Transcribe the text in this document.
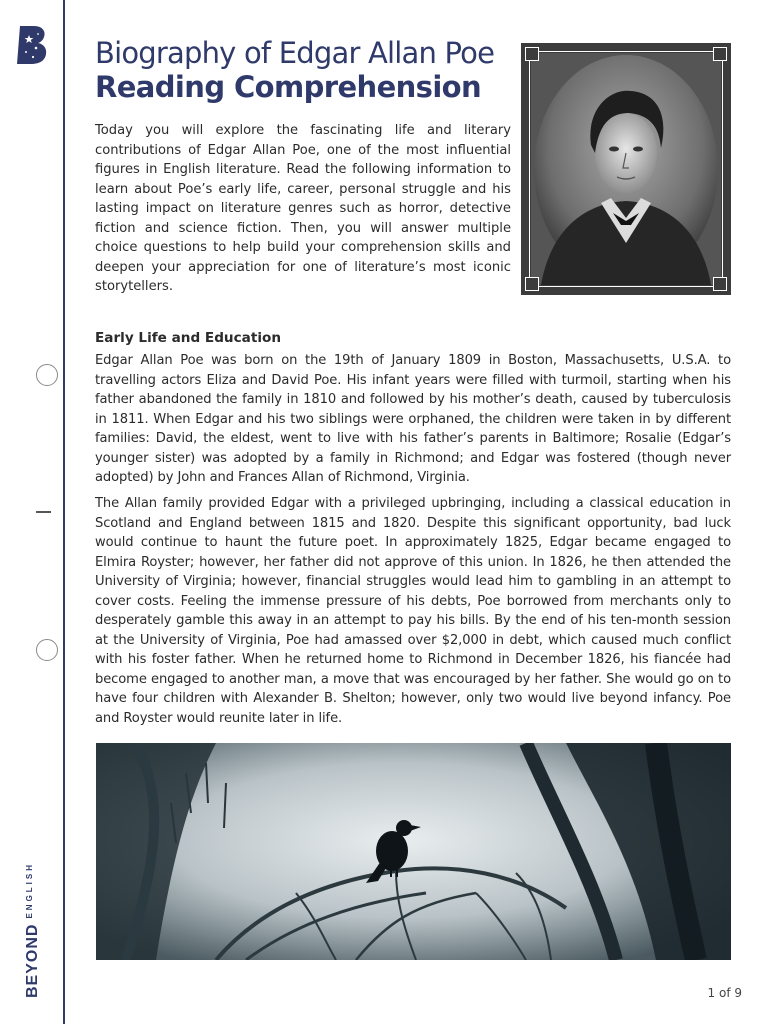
$BEYOND^{ENGLISH}$
Biography of Edgar Allan Poe
Reading Comprehension

Today you will explore the fascinating life and literary contributions of Edgar Allan Poe, one of the most influential figures in English literature. Read the following information to learn about Poe’s early life, career, personal struggle and his lasting impact on literature genres such as horror, detective fiction and science fiction. Then, you will answer multiple choice questions to help build your comprehension skills and deepen your appreciation for one of literature’s most iconic storytellers.

Early Life and Education

Edgar Allan Poe was born on the 19th of January 1809 in Boston, Massachusetts, U.S.A. to travelling actors Eliza and David Poe. His infant years were filled with turmoil, starting when his father abandoned the family in 1810 and followed by his mother’s death, caused by tuberculosis in 1811. When Edgar and his two siblings were orphaned, the children were taken in by different families: David, the eldest, went to live with his father’s parents in Baltimore; Rosalie (Edgar’s younger sister) was adopted by a family in Richmond; and Edgar was fostered (though never adopted) by John and Frances Allan of Richmond, Virginia.

The Allan family provided Edgar with a privileged upbringing, including a classical education in Scotland and England between 1815 and 1820. Despite this significant opportunity, bad luck would continue to haunt the future poet. In approximately 1825, Edgar became engaged to Elmira Royster; however, her father did not approve of this union. In 1826, he then attended the University of Virginia; however, financial struggles would lead him to gambling in an attempt to cover costs. Feeling the immense pressure of his debts, Poe borrowed from merchants only to desperately gamble this away in an attempt to pay his bills. By the end of his ten-month session at the University of Virginia, Poe had amassed over $2,000 in debt, which caused much conflict with his foster father. When he returned home to Richmond in December 1826, his fiancée had become engaged to another man, a move that was encouraged by her father. She would go on to have four children with Alexander B. Shelton; however, only two would live beyond infancy. Poe and Royster would reunite later in life.

1 of 9
